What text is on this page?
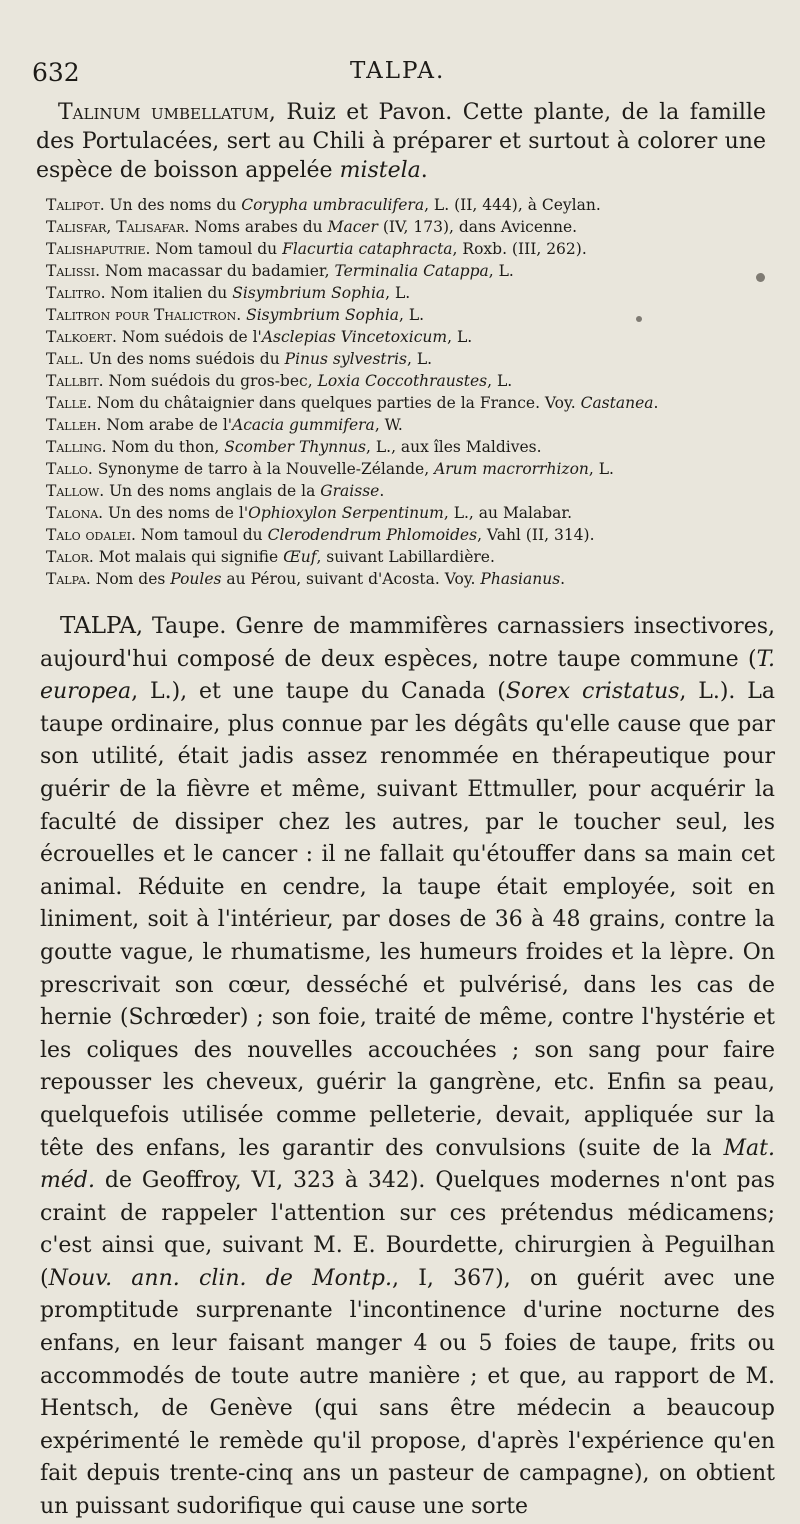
632	TALPA.
Talinum umbellatum, Ruiz et Pavon. Cette plante, de la famille des Portulacées, sert au Chili à préparer et surtout à colorer une espèce de boisson appelée mistela.
Talipot. Un des noms du Corypha umbraculifera, L. (II, 444), à Ceylan.
Talisfar, Talisafar. Noms arabes du Macer (IV, 173), dans Avicenne.
Talishaputrie. Nom tamoul du Flacurtia cataphracta, Roxb. (III, 262).
Talissi. Nom macassar du badamier, Terminalia Catappa, L.
Talitro. Nom italien du Sisymbrium Sophia, L.
Talitron pour Thalictron. Sisymbrium Sophia, L.
Talkoert. Nom suédois de l'Asclepias Vincetoxicum, L.
Tall. Un des noms suédois du Pinus sylvestris, L.
Tallbit. Nom suédois du gros-bec, Loxia Coccothraustes, L.
Talle. Nom du châtaignier dans quelques parties de la France. Voy. Castanea.
Talleh. Nom arabe de l'Acacia gummifera, W.
Talling. Nom du thon, Scomber Thynnus, L., aux îles Maldives.
Tallo. Synonyme de tarro à la Nouvelle-Zélande, Arum macrorrhizon, L.
Tallow. Un des noms anglais de la Graisse.
Talona. Un des noms de l'Ophioxylon Serpentinum, L., au Malabar.
Talo odalei. Nom tamoul du Clerodendrum Phlomoides, Vahl (II, 314).
Talor. Mot malais qui signifie Œuf, suivant Labillardière.
Talpa. Nom des Poules au Pérou, suivant d'Acosta. Voy. Phasianus.
TALPA, Taupe. Genre de mammifères carnassiers insectivores, aujourd'hui composé de deux espèces, notre taupe commune (T. europea, L.), et une taupe du Canada (Sorex cristatus, L.). La taupe ordinaire, plus connue par les dégâts qu'elle cause que par son utilité, était jadis assez renommée en thérapeutique pour guérir de la fièvre et même, suivant Ettmuller, pour acquérir la faculté de dissiper chez les autres, par le toucher seul, les écrouelles et le cancer : il ne fallait qu'étouffer dans sa main cet animal. Réduite en cendre, la taupe était employée, soit en liniment, soit à l'intérieur, par doses de 36 à 48 grains, contre la goutte vague, le rhumatisme, les humeurs froides et la lèpre. On prescrivait son cœur, desséché et pulvérisé, dans les cas de hernie (Schrœder) ; son foie, traité de même, contre l'hystérie et les coliques des nouvelles accouchées ; son sang pour faire repousser les cheveux, guérir la gangrène, etc. Enfin sa peau, quelquefois utilisée comme pelleterie, devait, appliquée sur la tête des enfans, les garantir des convulsions (suite de la Mat. méd. de Geoffroy, VI, 323 à 342). Quelques modernes n'ont pas craint de rappeler l'attention sur ces prétendus médicamens; c'est ainsi que, suivant M. E. Bourdette, chirurgien à Peguilhan (Nouv. ann. clin. de Montp., I, 367), on guérit avec une promptitude surprenante l'incontinence d'urine nocturne des enfans, en leur faisant manger 4 ou 5 foies de taupe, frits ou accommodés de toute autre manière ; et que, au rapport de M. Hentsch, de Genève (qui sans être médecin a beaucoup expérimenté le remède qu'il propose, d'après l'expérience qu'en fait depuis trente-cinq ans un pasteur de campagne), on obtient un puissant sudorifique qui cause une sorte
